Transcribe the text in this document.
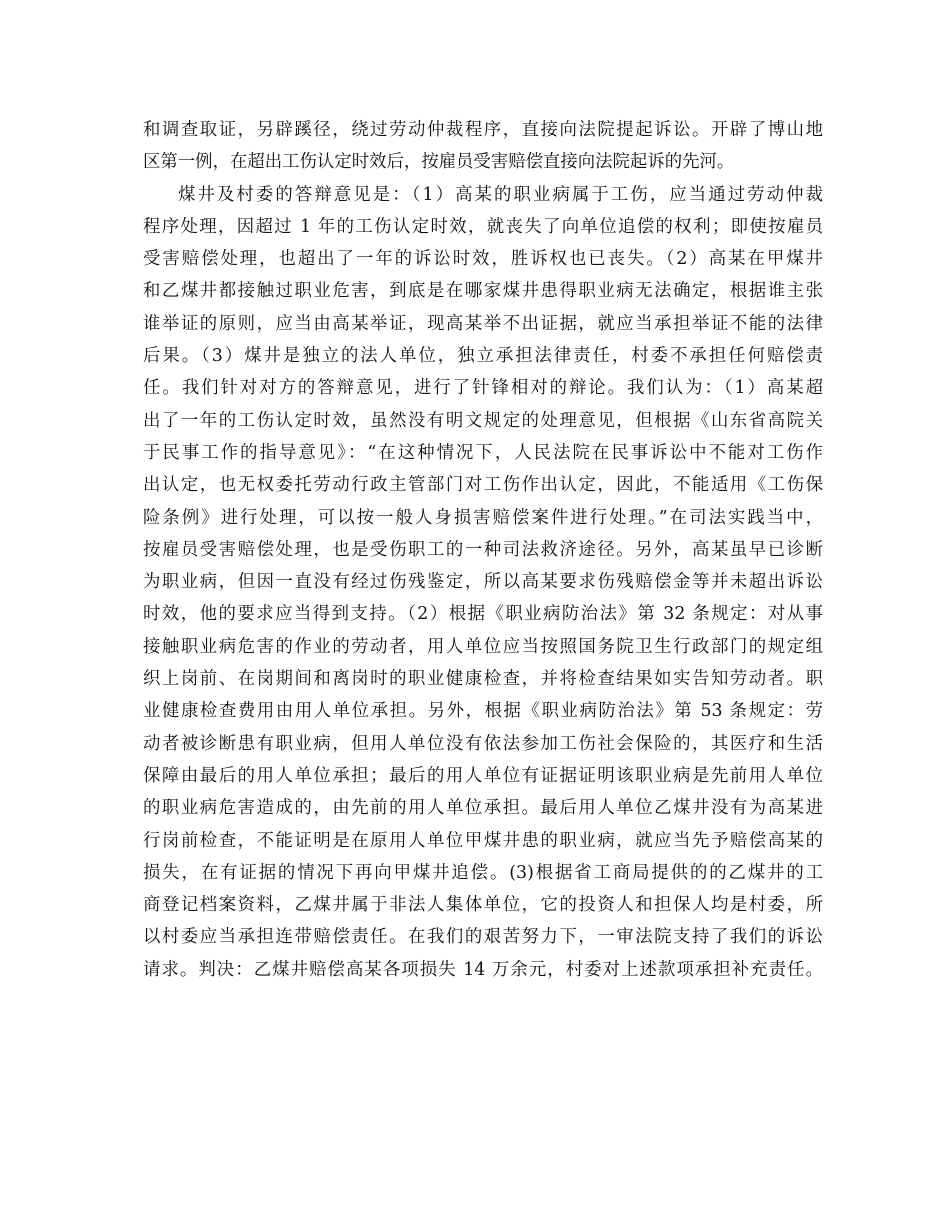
和调查取证，另辟蹊径，绕过劳动仲裁程序，直接向法院提起诉讼。开辟了博山地
区第一例，在超出工伤认定时效后，按雇员受害赔偿直接向法院起诉的先河。
煤井及村委的答辩意见是：（1）高某的职业病属于工伤，应当通过劳动仲裁
程序处理，因超过 1 年的工伤认定时效，就丧失了向单位追偿的权利；即使按雇员
受害赔偿处理，也超出了一年的诉讼时效，胜诉权也已丧失。（2）高某在甲煤井
和乙煤井都接触过职业危害，到底是在哪家煤井患得职业病无法确定，根据谁主张
谁举证的原则，应当由高某举证，现高某举不出证据，就应当承担举证不能的法律
后果。（3）煤井是独立的法人单位，独立承担法律责任，村委不承担任何赔偿责
任。我们针对对方的答辩意见，进行了针锋相对的辩论。我们认为：（1）高某超
出了一年的工伤认定时效，虽然没有明文规定的处理意见，但根据《山东省高院关
于民事工作的指导意见》：“在这种情况下，人民法院在民事诉讼中不能对工伤作
出认定，也无权委托劳动行政主管部门对工伤作出认定，因此，不能适用《工伤保
险条例》进行处理，可以按一般人身损害赔偿案件进行处理。”在司法实践当中，
按雇员受害赔偿处理，也是受伤职工的一种司法救济途径。另外，高某虽早已诊断
为职业病，但因一直没有经过伤残鉴定，所以高某要求伤残赔偿金等并未超出诉讼
时效，他的要求应当得到支持。（2）根据《职业病防治法》第 32 条规定：对从事
接触职业病危害的作业的劳动者，用人单位应当按照国务院卫生行政部门的规定组
织上岗前、在岗期间和离岗时的职业健康检查，并将检查结果如实告知劳动者。职
业健康检查费用由用人单位承担。另外，根据《职业病防治法》第 53 条规定：劳
动者被诊断患有职业病，但用人单位没有依法参加工伤社会保险的，其医疗和生活
保障由最后的用人单位承担；最后的用人单位有证据证明该职业病是先前用人单位
的职业病危害造成的，由先前的用人单位承担。最后用人单位乙煤井没有为高某进
行岗前检查，不能证明是在原用人单位甲煤井患的职业病，就应当先予赔偿高某的
损失，在有证据的情况下再向甲煤井追偿。(3)根据省工商局提供的的乙煤井的工
商登记档案资料，乙煤井属于非法人集体单位，它的投资人和担保人均是村委，所
以村委应当承担连带赔偿责任。在我们的艰苦努力下，一审法院支持了我们的诉讼
请求。判决：乙煤井赔偿高某各项损失 14 万余元，村委对上述款项承担补充责任。
